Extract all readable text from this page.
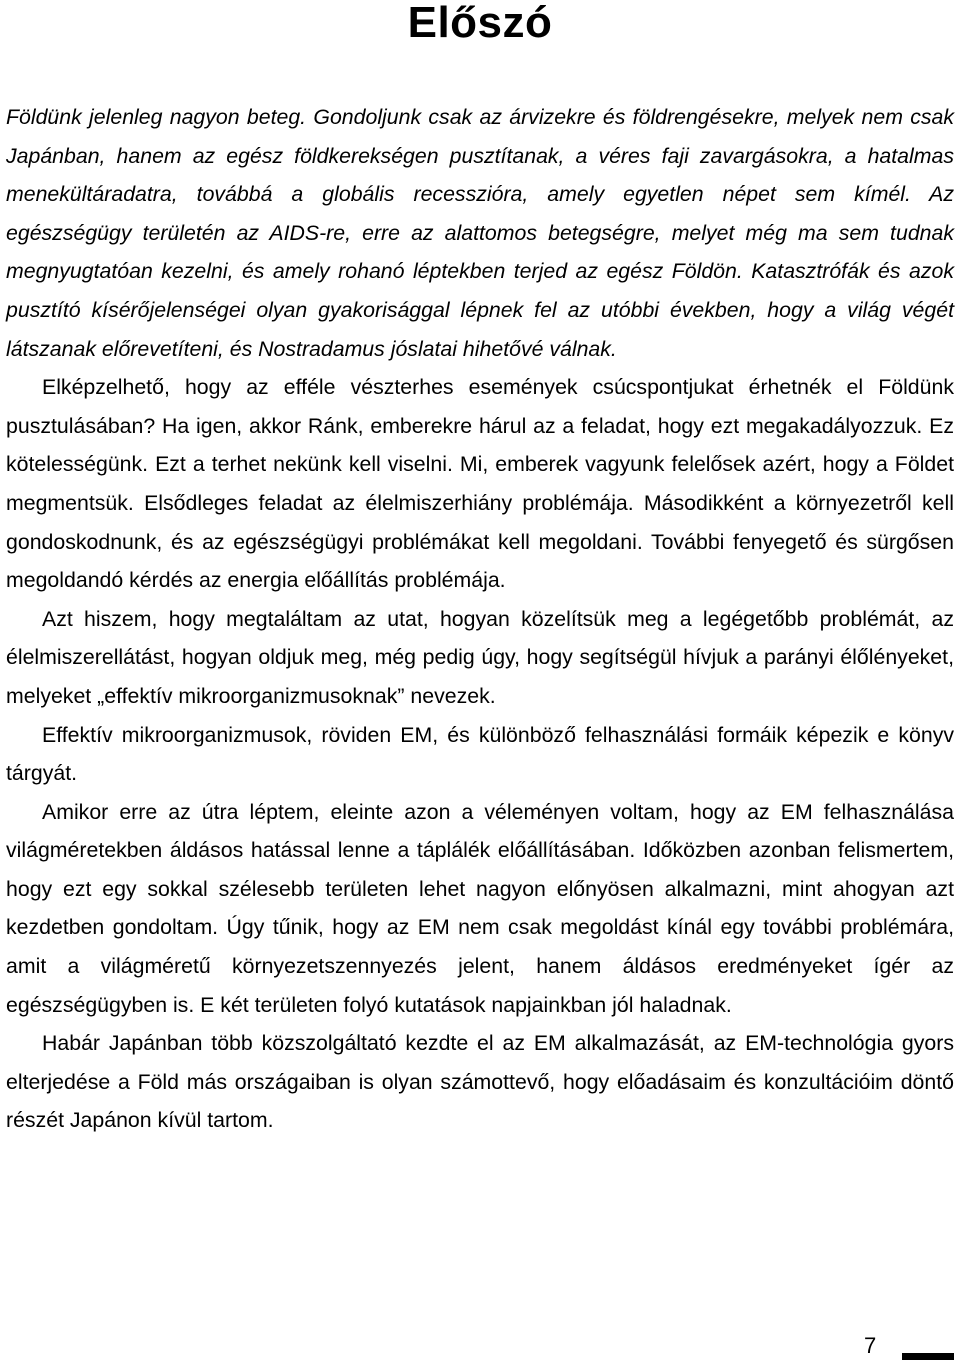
Előszó

Földünk jelenleg nagyon beteg. Gondoljunk csak az árvizekre és földrengésekre, melyek nem csak Japánban, hanem az egész földkerekségen pusztítanak, a véres faji zavargásokra, a hatalmas menekültáradatra, továbbá a globális recesszióra, amely egyetlen népet sem kímél. Az egészségügy területén az AIDS-re, erre az alattomos betegségre, melyet még ma sem tudnak megnyugtatóan kezelni, és amely rohanó léptekben terjed az egész Földön. Katasztrófák és azok pusztító kísérőjelenségei olyan gyakorisággal lépnek fel az utóbbi években, hogy a világ végét látszanak előrevetíteni, és Nostradamus jóslatai hihetővé válnak.

Elképzelhető, hogy az efféle vészterhes események csúcspontjukat érhetnék el Földünk pusztulásában? Ha igen, akkor Ránk, emberekre hárul az a feladat, hogy ezt megakadályozzuk. Ez kötelességünk. Ezt a terhet nekünk kell viselni. Mi, emberek vagyunk felelősek azért, hogy a Földet megmentsük. Elsődleges feladat az élelmiszerhiány problémája. Másodikként a környezetről kell gondoskodnunk, és az egészségügyi problémákat kell megoldani. További fenyegető és sürgősen megoldandó kérdés az energia előállítás problémája.

Azt hiszem, hogy megtaláltam az utat, hogyan közelítsük meg a legégetőbb problémát, az élelmiszerellátást, hogyan oldjuk meg, még pedig úgy, hogy segítségül hívjuk a parányi élőlényeket, melyeket „effektív mikroorganizmusoknak” nevezek.

Effektív mikroorganizmusok, röviden EM, és különböző felhasználási formáik képezik e könyv tárgyát.

Amikor erre az útra léptem, eleinte azon a véleményen voltam, hogy az EM felhasználása világméretekben áldásos hatással lenne a táplálék előállításában. Időközben azonban felismertem, hogy ezt egy sokkal szélesebb területen lehet nagyon előnyösen alkalmazni, mint ahogyan azt kezdetben gondoltam. Úgy tűnik, hogy az EM nem csak megoldást kínál egy további problémára, amit a világméretű környezetszennyezés jelent, hanem áldásos eredményeket ígér az egészségügyben is. E két területen folyó kutatások napjainkban jól haladnak.

Habár Japánban több közszolgáltató kezdte el az EM alkalmazását, az EM-technológia gyors elterjedése a Föld más országaiban is olyan számottevő, hogy előadásaim és konzultációim döntő részét Japánon kívül tartom.

7
